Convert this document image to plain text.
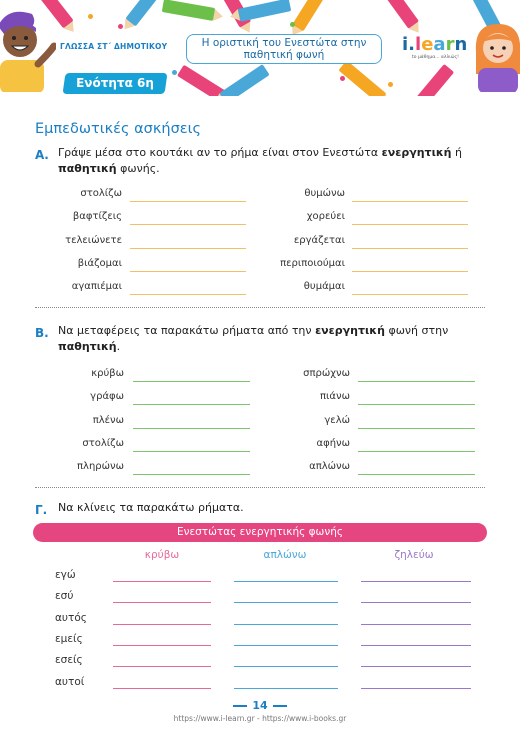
ΓΛΩΣΣΑ ΣΤ΄ ΔΗΜΟΤΙΚΟΥ	Η οριστική του Ενεστώτα στην
παθητική φωνή	i.learn
to μάθημα... αλλιώς!
Ενότητα 6η
Εμπεδωτικές ασκήσεις
Α. Γράψε μέσα στο κουτάκι αν το ρήμα είναι στον Ενεστώτα ενεργητική ή
παθητική φωνής.
στολίζω
βαφτίζεις
τελειώνετε
βιάζομαι
αγαπιέμαι
θυμώνω
χορεύει
εργάζεται
περιποιούμαι
θυμάμαι
Β. Να μεταφέρεις τα παρακάτω ρήματα από την ενεργητική φωνή στην
παθητική.
κρύβω
γράφω
πλένω
στολίζω
πληρώνω
σπρώχνω
πιάνω
γελώ
αφήνω
απλώνω
Γ. Να κλίνεις τα παρακάτω ρήματα.
Ενεστώτας ενεργητικής φωνής
κρύβω	απλώνω	ζηλεύω
εγώ
εσύ
αυτός
εμείς
εσείς
αυτοί
14
https://www.i-learn.gr - https://www.i-books.gr
